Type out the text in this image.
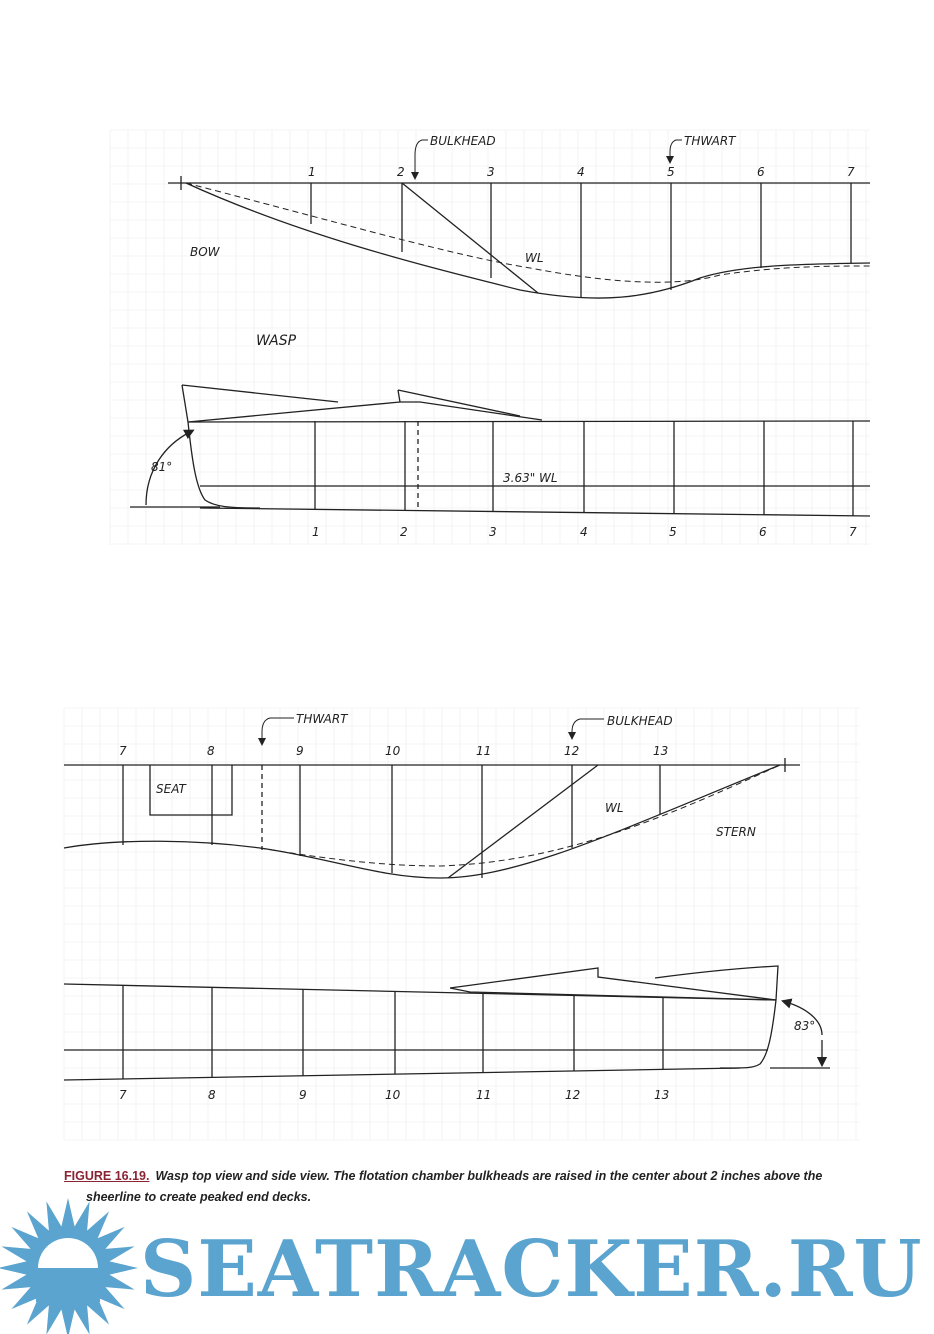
1	2	3	4	5	6	7
BULKHEAD	THWART
BOW	WL
WASP
81°
3.63" WL
1	2	3	4	5	6	7
7	8	9	10	11	12	13
THWART	BULKHEAD
SEAT
STERN
WL
83°
7	8	9	10	11	12	13
FIGURE 16.19. Wasp top view and side view. The flotation chamber bulkheads are raised in the center about 2 inches above the
sheerline to create peaked end decks.
SEATRACKER.RU
